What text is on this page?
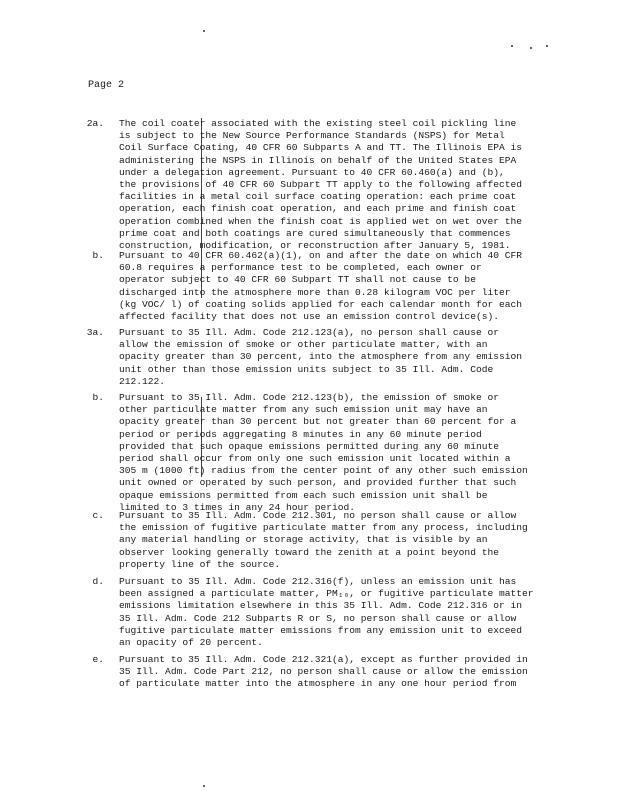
Page 2
2a. The coil coater associated with the existing steel coil pickling line
is subject to the New Source Performance Standards (NSPS) for Metal
Coil Surface Coating, 40 CFR 60 Subparts A and TT. The Illinois EPA is
administering the NSPS in Illinois on behalf of the United States EPA
under a delegation agreement. Pursuant to 40 CFR 60.460(a) and (b),
the provisions of 40 CFR 60 Subpart TT apply to the following affected
facilities in a metal coil surface coating operation: each prime coat
operation, each finish coat operation, and each prime and finish coat
operation combined when the finish coat is applied wet on wet over the
prime coat and both coatings are cured simultaneously that commences
construction, modification, or reconstruction after January 5, 1981.
b. Pursuant to 40 CFR 60.462(a)(1), on and after the date on which 40 CFR
60.8 requires a performance test to be completed, each owner or
operator subject to 40 CFR 60 Subpart TT shall not cause to be
discharged into the atmosphere more than 0.28 kilogram VOC per liter
(kg VOC/ l) of coating solids applied for each calendar month for each
affected facility that does not use an emission control device(s).
3a. Pursuant to 35 Ill. Adm. Code 212.123(a), no person shall cause or
allow the emission of smoke or other particulate matter, with an
opacity greater than 30 percent, into the atmosphere from any emission
unit other than those emission units subject to 35 Ill. Adm. Code
212.122.
b. Pursuant to 35 Ill. Adm. Code 212.123(b), the emission of smoke or
other particulate matter from any such emission unit may have an
opacity greater than 30 percent but not greater than 60 percent for a
period or periods aggregating 8 minutes in any 60 minute period
provided that such opaque emissions permitted during any 60 minute
period shall occur from only one such emission unit located within a
305 m (1000 ft) radius from the center point of any other such emission
unit owned or operated by such person, and provided further that such
opaque emissions permitted from each such emission unit shall be
limited to 3 times in any 24 hour period.
c. Pursuant to 35 Ill. Adm. Code 212.301, no person shall cause or allow
the emission of fugitive particulate matter from any process, including
any material handling or storage activity, that is visible by an
observer looking generally toward the zenith at a point beyond the
property line of the source.
d. Pursuant to 35 Ill. Adm. Code 212.316(f), unless an emission unit has
been assigned a particulate matter, PM₁₀, or fugitive particulate matter
emissions limitation elsewhere in this 35 Ill. Adm. Code 212.316 or in
35 Ill. Adm. Code 212 Subparts R or S, no person shall cause or allow
fugitive particulate matter emissions from any emission unit to exceed
an opacity of 20 percent.
e. Pursuant to 35 Ill. Adm. Code 212.321(a), except as further provided in
35 Ill. Adm. Code Part 212, no person shall cause or allow the emission
of particulate matter into the atmosphere in any one hour period from
